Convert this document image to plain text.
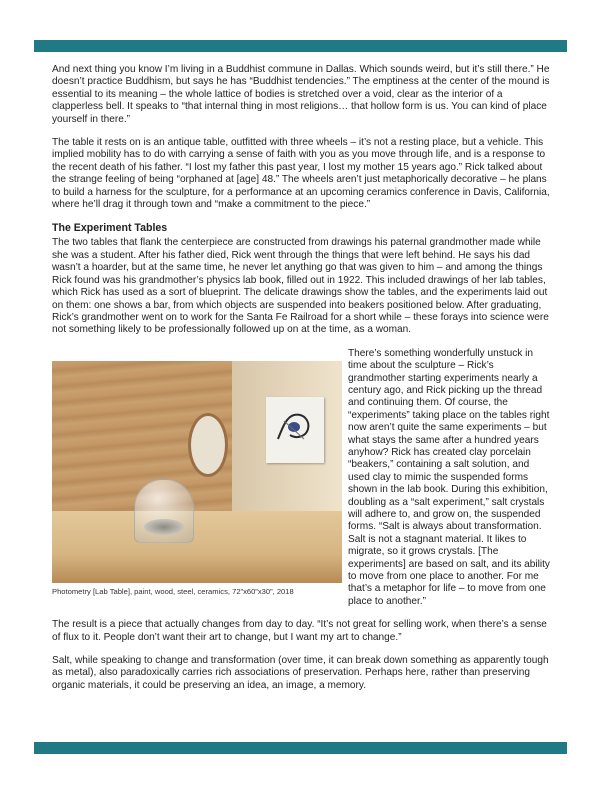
And next thing you know I’m living in a Buddhist commune in Dallas. Which sounds weird, but it’s still there.” He doesn’t practice Buddhism, but says he has “Buddhist tendencies.” The emptiness at the center of the mound is essential to its meaning – the whole lattice of bodies is stretched over a void, clear as the interior of a clapperless bell. It speaks to “that internal thing in most religions… that hollow form is us. You can kind of place yourself in there.”

The table it rests on is an antique table, outfitted with three wheels – it’s not a resting place, but a vehicle. This implied mobility has to do with carrying a sense of faith with you as you move through life, and is a response to the recent death of his father. “I lost my father this past year, I lost my mother 15 years ago.” Rick talked about the strange feeling of being “orphaned at [age] 48.” The wheels aren’t just metaphorically decorative – he plans to build a harness for the sculpture, for a performance at an upcoming ceramics conference in Davis, California, where he’ll drag it through town and “make a commitment to the piece.”

The Experiment Tables

The two tables that flank the centerpiece are constructed from drawings his paternal grandmother made while she was a student. After his father died, Rick went through the things that were left behind. He says his dad wasn’t a hoarder, but at the same time, he never let anything go that was given to him – and among the things Rick found was his grandmother’s physics lab book, filled out in 1922. This included drawings of her lab tables, which Rick has used as a sort of blueprint. The delicate drawings show the tables, and the experiments laid out on them: one shows a bar, from which objects are suspended into beakers positioned below. After graduating, Rick’s grandmother went on to work for the Santa Fe Railroad for a short while – these forays into science were not something likely to be professionally followed up on at the time, as a woman.

Photometry [Lab Table], paint, wood, steel, ceramics, 72”x60”x30”, 2018

There’s something wonderfully unstuck in time about the sculpture – Rick’s grandmother starting experiments nearly a century ago, and Rick picking up the thread and continuing them. Of course, the “experiments” taking place on the tables right now aren’t quite the same experiments – but what stays the same after a hundred years anyhow? Rick has created clay porcelain “beakers,” containing a salt solution, and used clay to mimic the suspended forms shown in the lab book. During this exhibition, doubling as a “salt experiment,” salt crystals will adhere to, and grow on, the suspended forms. “Salt is always about transformation. Salt is not a stagnant material. It likes to migrate, so it grows crystals. [The experiments] are based on salt, and its ability to move from one place to another. For me that’s a metaphor for life – to move from one place to another.”

The result is a piece that actually changes from day to day. “It’s not great for selling work, when there’s a sense of flux to it. People don’t want their art to change, but I want my art to change.”

Salt, while speaking to change and transformation (over time, it can break down something as apparently tough as metal), also paradoxically carries rich associations of preservation. Perhaps here, rather than preserving organic materials, it could be preserving an idea, an image, a memory.
